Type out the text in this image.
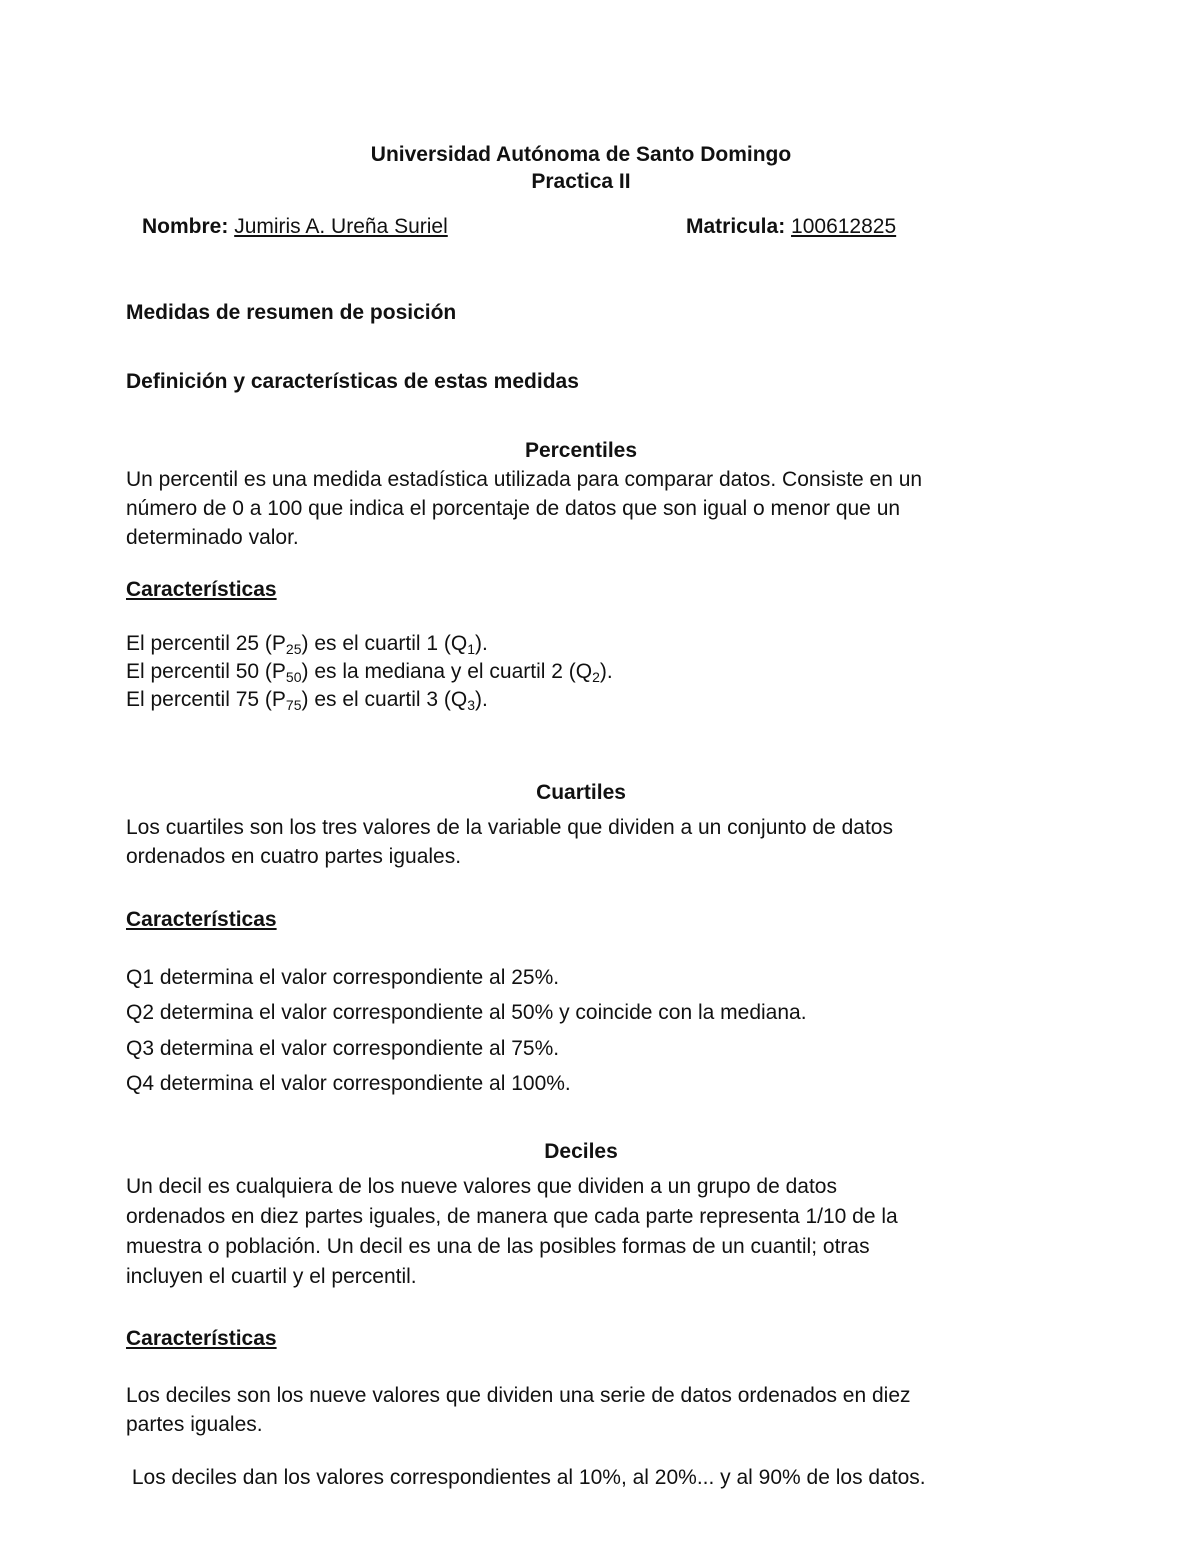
Universidad Autónoma de Santo Domingo
Practica II
Nombre: Jumiris A. Ureña Suriel	Matricula: 100612825
Medidas de resumen de posición
Definición y características de estas medidas
Percentiles
Un percentil es una medida estadística utilizada para comparar datos. Consiste en un
número de 0 a 100 que indica el porcentaje de datos que son igual o menor que un
determinado valor.
Características
El percentil 25 $(P_{25})$ es el cuartil 1 $(Q_1)$.
El percentil 50 $(P_{50})$ es la mediana y el cuartil 2 $(Q_2)$.
El percentil 75 $(P_{75})$ es el cuartil 3 $(Q_3)$.
Cuartiles
Los cuartiles son los tres valores de la variable que dividen a un conjunto de datos
ordenados en cuatro partes iguales.
Características
Q1 determina el valor correspondiente al 25%.
Q2 determina el valor correspondiente al 50% y coincide con la mediana.
Q3 determina el valor correspondiente al 75%.
Q4 determina el valor correspondiente al 100%.
Deciles
Un decil es cualquiera de los nueve valores que dividen a un grupo de datos
ordenados en diez partes iguales, de manera que cada parte representa 1/10 de la
muestra o población. Un decil es una de las posibles formas de un cuantil; otras
incluyen el cuartil y el percentil.
Características
Los deciles son los nueve valores que dividen una serie de datos ordenados en diez
partes iguales.
Los deciles dan los valores correspondientes al 10%, al 20%... y al 90% de los datos.
